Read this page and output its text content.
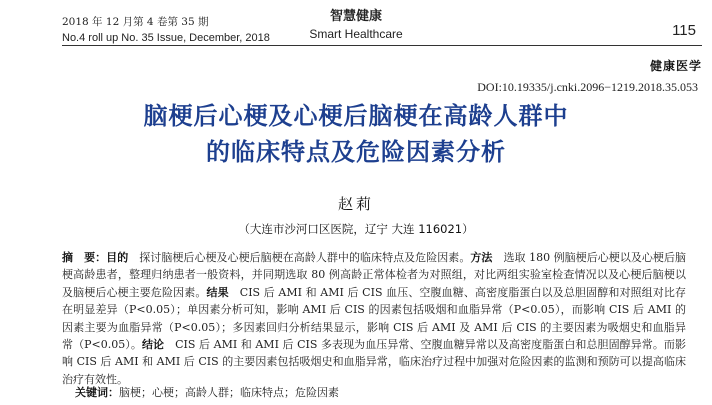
2018 年 12 月第 4 卷第 35 期
No.4 roll up No. 35 Issue, December, 2018
智慧健康
Smart Healthcare	115
健康医学
DOI:10.19335/j.cnki.2096−1219.2018.35.053
脑梗后心梗及心梗后脑梗在高龄人群中
的临床特点及危险因素分析
赵莉
（大连市沙河口区医院，辽宁 大连 116021）
摘　要：目的　探讨脑梗后心梗及心梗后脑梗在高龄人群中的临床特点及危险因素。方法　选取 180 例脑梗后心梗以及心梗后脑梗高龄患者，整理归纳患者一般资料，并同期选取 80 例高龄正常体检者为对照组，对比两组实验室检查情况以及心梗后脑梗以及脑梗后心梗主要危险因素。结果　CIS 后 AMI 和 AMI 后 CIS 血压、空腹血糖、高密度脂蛋白以及总胆固醇和对照组对比存在明显差异（P<0.05）；单因素分析可知，影响 AMI 后 CIS 的因素包括吸烟和血脂异常（P<0.05），而影响 CIS 后 AMI 的因素主要为血脂异常（P<0.05）；多因素回归分析结果显示，影响 CIS 后 AMI 及 AMI 后 CIS 的主要因素为吸烟史和血脂异常（P<0.05）。结论　CIS 后 AMI 和 AMI 后 CIS 多表现为血压异常、空腹血糖异常以及高密度脂蛋白和总胆固醇异常。而影响 CIS 后 AMI 和 AMI 后 CIS 的主要因素包括吸烟史和血脂异常，临床治疗过程中加强对危险因素的监测和预防可以提高临床治疗有效性。
关键词：脑梗；心梗；高龄人群；临床特点；危险因素
